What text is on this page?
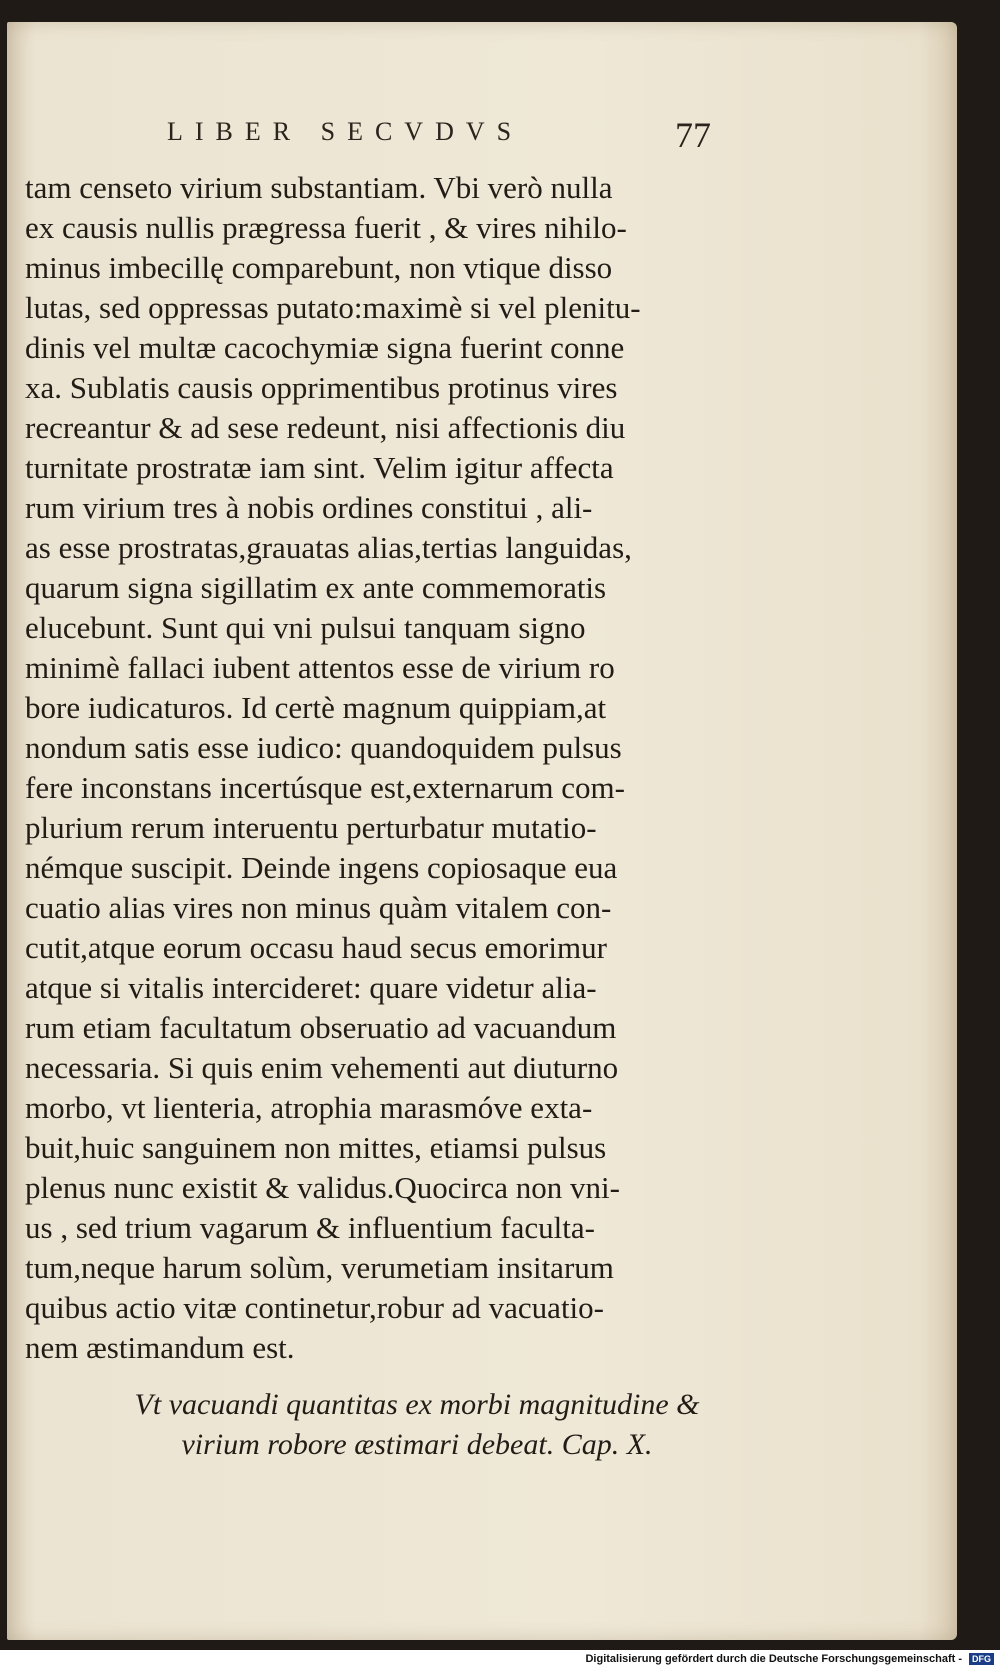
LIBER SECVDVS	77
tam censeto virium substantiam. Vbi verò nulla
ex causis nullis prægressa fuerit , & vires nihilo-
minus imbecillę comparebunt, non vtique disso
lutas, sed oppressas putato:maximè si vel plenitu-
dinis vel multæ cacochymiæ signa fuerint conne
xa. Sublatis causis opprimentibus protinus vires
recreantur & ad sese redeunt, nisi affectionis diu
turnitate prostratæ iam sint. Velim igitur affecta
rum virium tres à nobis ordines constitui , ali-
as esse prostratas,grauatas alias,tertias languidas,
quarum signa sigillatim ex ante commemoratis
elucebunt. Sunt qui vni pulsui tanquam signo
minimè fallaci iubent attentos esse de virium ro
bore iudicaturos. Id certè magnum quippiam,at
nondum satis esse iudico: quandoquidem pulsus
fere inconstans incertúsque est,externarum com-
plurium rerum interuentu perturbatur mutatio-
némque suscipit. Deinde ingens copiosaque eua
cuatio alias vires non minus quàm vitalem con-
cutit,atque eorum occasu haud secus emorimur
atque si vitalis intercideret: quare videtur alia-
rum etiam facultatum obseruatio ad vacuandum
necessaria. Si quis enim vehementi aut diuturno
morbo, vt lienteria, atrophia marasmóve exta-
buit,huic sanguinem non mittes, etiamsi pulsus
plenus nunc existit & validus.Quocirca non vni-
us , sed trium vagarum & influentium faculta-
tum,neque harum solùm, verumetiam insitarum
quibus actio vitæ continetur,robur ad vacuatio-
nem æstimandum est.
Vt vacuandi quantitas ex morbi magnitudine &
virium robore æstimari debeat. Cap. X.
Digitalisierung gefördert durch die Deutsche Forschungsgemeinschaft -	DFG
